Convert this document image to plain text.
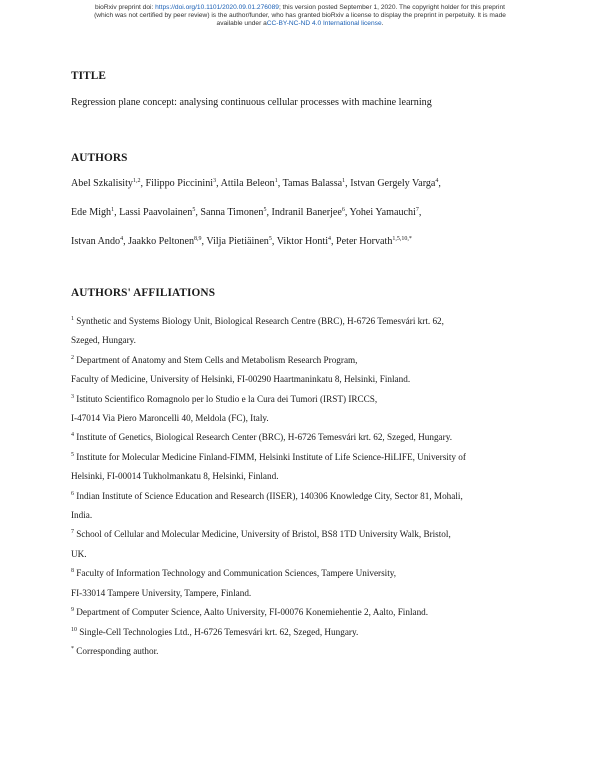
bioRxiv preprint doi: https://doi.org/10.1101/2020.09.01.276089; this version posted September 1, 2020. The copyright holder for this preprint
(which was not certified by peer review) is the author/funder, who has granted bioRxiv a license to display the preprint in perpetuity. It is made
available under aCC-BY-NC-ND 4.0 International license.
TITLE

Regression plane concept: analysing continuous cellular processes with machine learning

AUTHORS

Abel Szkalisity$^{1,2}$, Filippo Piccinini$^3$, Attila Beleon$^1$, Tamas Balassa$^1$, Istvan Gergely Varga$^4$,

Ede Migh$^1$, Lassi Paavolainen$^5$, Sanna Timonen$^5$, Indranil Banerjee$^6$, Yohei Yamauchi$^7$,

Istvan Ando$^4$, Jaakko Peltonen$^{8,9}$, Vilja Pietiäinen$^5$, Viktor Honti$^4$, Peter Horvath$^{1,5,10,*}$

AUTHORS' AFFILIATIONS
$^1$ Synthetic and Systems Biology Unit, Biological Research Centre (BRC), H-6726 Temesvári krt. 62,
Szeged, Hungary.
$^2$ Department of Anatomy and Stem Cells and Metabolism Research Program,
Faculty of Medicine, University of Helsinki, FI-00290 Haartmaninkatu 8, Helsinki, Finland.
$^3$ Istituto Scientifico Romagnolo per lo Studio e la Cura dei Tumori (IRST) IRCCS,
I-47014 Via Piero Maroncelli 40, Meldola (FC), Italy.
$^4$ Institute of Genetics, Biological Research Center (BRC), H-6726 Temesvári krt. 62, Szeged, Hungary.
$^5$ Institute for Molecular Medicine Finland-FIMM, Helsinki Institute of Life Science-HiLIFE, University of
Helsinki, FI-00014 Tukholmankatu 8, Helsinki, Finland.
$^6$ Indian Institute of Science Education and Research (IISER), 140306 Knowledge City, Sector 81, Mohali,
India.
$^7$ School of Cellular and Molecular Medicine, University of Bristol, BS8 1TD University Walk, Bristol,
UK.
$^8$ Faculty of Information Technology and Communication Sciences, Tampere University,
FI-33014 Tampere University, Tampere, Finland.
$^9$ Department of Computer Science, Aalto University, FI-00076 Konemiehentie 2, Aalto, Finland.
$^{10}$ Single-Cell Technologies Ltd., H-6726 Temesvári krt. 62, Szeged, Hungary.
* Corresponding author.
